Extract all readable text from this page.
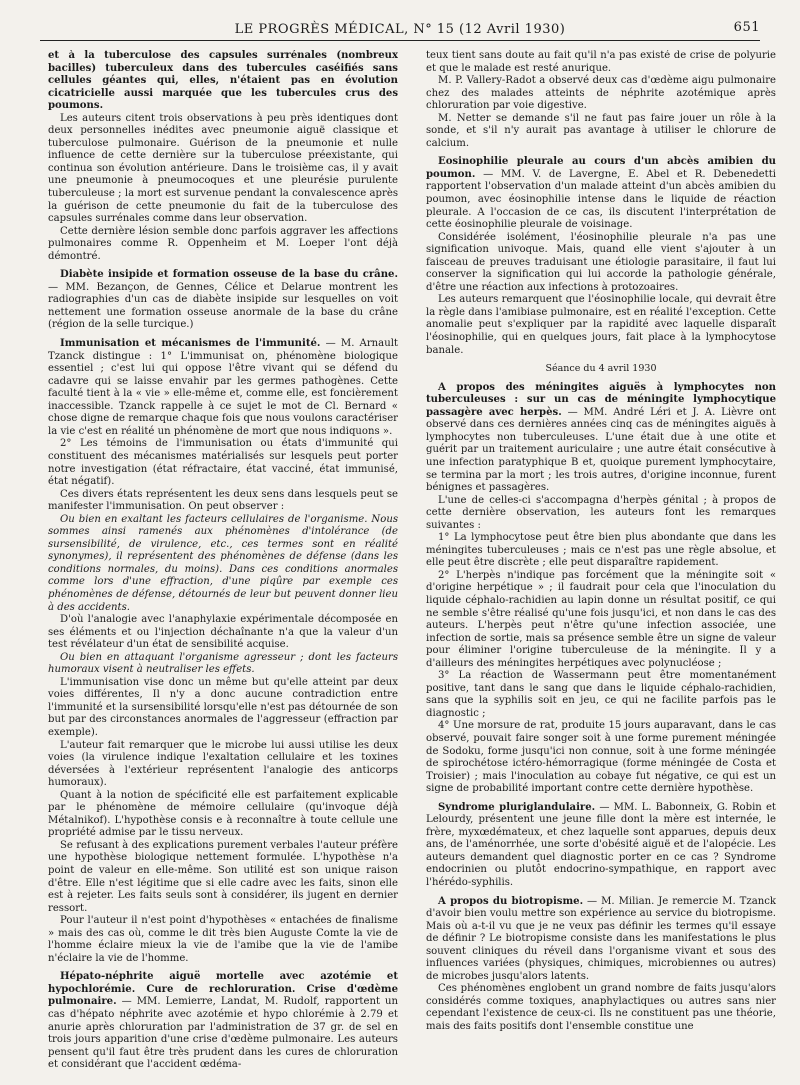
LE PROGRÈS MÉDICAL, N° 15 (12 Avril 1930)	651

et à la tuberculose des capsules surrénales (nombreux bacilles) tuberculeux dans des tubercules caséifiés sans cellules géantes qui, elles, n'étaient pas en évolution cicatricielle aussi marquée que les tubercules crus des poumons.

Les auteurs citent trois observations à peu près identiques dont deux personnelles inédites avec pneumonie aiguë classique et tuberculose pulmonaire. Guérison de la pneumonie et nulle influence de cette dernière sur la tuberculose préexistante, qui continua son évolution antérieure. Dans le troisième cas, il y avait une pneumonie à pneumocoques et une pleurésie purulente tuberculeuse ; la mort est survenue pendant la convalescence après la guérison de cette pneumonie du fait de la tuberculose des capsules surrénales comme dans leur observation.

Cette dernière lésion semble donc parfois aggraver les affections pulmonaires comme R. Oppenheim et M. Loeper l'ont déjà démontré.

Diabète insipide et formation osseuse de la base du crâne. — MM. Bezançon, de Gennes, Célice et Delarue montrent les radiographies d'un cas de diabète insipide sur lesquelles on voit nettement une formation osseuse anormale de la base du crâne (région de la selle turcique.)

Immunisation et mécanismes de l'immunité. — M. Arnault Tzanck distingue : 1° L'immunisat on, phénomène biologique essentiel ; c'est lui qui oppose l'être vivant qui se défend du cadavre qui se laisse envahir par les germes pathogènes. Cette faculté tient à la « vie » elle-même et, comme elle, est foncièrement inaccessible. Tzanck rappelle à ce sujet le mot de Cl. Bernard « chose digne de remarque chaque fois que nous voulons caractériser la vie c'est en réalité un phénomène de mort que nous indiquons ».

2° Les témoins de l'immunisation ou états d'immunité qui constituent des mécanismes matérialisés sur lesquels peut porter notre investigation (état réfractaire, état vacciné, état immunisé, état négatif).

Ces divers états représentent les deux sens dans lesquels peut se manifester l'immunisation. On peut observer :

Ou bien en exaltant les facteurs cellulaires de l'organisme. Nous sommes ainsi ramenés aux phénomènes d'intolérance (de sursensibilité, de virulence, etc., ces termes sont en réalité synonymes), il représentent des phénomènes de défense (dans les conditions normales, du moins). Dans ces conditions anormales comme lors d'une effraction, d'une piqûre par exemple ces phénomènes de défense, détournés de leur but peuvent donner lieu à des accidents.

D'où l'analogie avec l'anaphylaxie expérimentale décomposée en ses éléments et ou l'injection déchaînante n'a que la valeur d'un test révélateur d'un état de sensibilité acquise.

Ou bien en attaquant l'organisme agresseur ; dont les facteurs humoraux visent à neutraliser les effets.

L'immunisation vise donc un même but qu'elle atteint par deux voies différentes, Il n'y a donc aucune contradiction entre l'immunité et la sursensibilité lorsqu'elle n'est pas détournée de son but par des circonstances anormales de l'aggresseur (effraction par exemple).

L'auteur fait remarquer que le microbe lui aussi utilise les deux voies (la virulence indique l'exaltation cellulaire et les toxines déversées à l'extérieur représentent l'analogie des anticorps humoraux).

Quant à la notion de spécificité elle est parfaitement explicable par le phénomène de mémoire cellulaire (qu'invoque déjà Métalnikof). L'hypothèse consis e à reconnaître à toute cellule une propriété admise par le tissu nerveux.

Se refusant à des explications purement verbales l'auteur préfère une hypothèse biologique nettement formulée. L'hypothèse n'a point de valeur en elle-même. Son utilité est son unique raison d'être. Elle n'est légitime que si elle cadre avec les faits, sinon elle est à rejeter. Les faits seuls sont à considérer, ils jugent en dernier ressort.

Pour l'auteur il n'est point d'hypothèses « entachées de finalisme » mais des cas où, comme le dit très bien Auguste Comte la vie de l'homme éclaire mieux la vie de l'amibe que la vie de l'amibe n'éclaire la vie de l'homme.

Hépato-néphrite aiguë mortelle avec azotémie et hypochlorémie. Cure de rechloruration. Crise d'œdème pulmonaire. — MM. Lemierre, Landat, M. Rudolf, rapportent un cas d'hépato néphrite avec azotémie et hypo chlorémie à 2.79 et anurie après chloruration par l'administration de 37 gr. de sel en trois jours apparition d'une crise d'œdème pulmonaire. Les auteurs pensent qu'il faut être très prudent dans les cures de chloruration et considérant que l'accident œdéma-

teux tient sans doute au fait qu'il n'a pas existé de crise de polyurie et que le malade est resté anurique.

M. P. Vallery-Radot a observé deux cas d'œdème aigu pulmonaire chez des malades atteints de néphrite azotémique après chloruration par voie digestive.

M. Netter se demande s'il ne faut pas faire jouer un rôle à la sonde, et s'il n'y aurait pas avantage à utiliser le chlorure de calcium.

Eosinophilie pleurale au cours d'un abcès amibien du poumon. — MM. V. de Lavergne, E. Abel et R. Debenedetti rapportent l'observation d'un malade atteint d'un abcès amibien du poumon, avec éosinophilie intense dans le liquide de réaction pleurale. A l'occasion de ce cas, ils discutent l'interprétation de cette éosinophilie pleurale de voisinage.

Considérée isolément, l'éosinophilie pleurale n'a pas une signification univoque. Mais, quand elle vient s'ajouter à un faisceau de preuves traduisant une étiologie parasitaire, il faut lui conserver la signification qui lui accorde la pathologie générale, d'être une réaction aux infections à protozoaires.

Les auteurs remarquent que l'éosinophilie locale, qui devrait être la règle dans l'amibiase pulmonaire, est en réalité l'exception. Cette anomalie peut s'expliquer par la rapidité avec laquelle disparaît l'éosinophilie, qui en quelques jours, fait place à la lymphocytose banale.

Séance du 4 avril 1930

A propos des méningites aiguës à lymphocytes non tuberculeuses : sur un cas de méningite lymphocytique passagère avec herpès. — MM. André Léri et J. A. Lièvre ont observé dans ces dernières années cinq cas de méningites aiguës à lymphocytes non tuberculeuses. L'une était due à une otite et guérit par un traitement auriculaire ; une autre était consécutive à une infection paratyphique B et, quoique purement lymphocytaire, se termina par la mort ; les trois autres, d'origine inconnue, furent bénignes et passagères.

L'une de celles-ci s'accompagna d'herpès génital ; à propos de cette dernière observation, les auteurs font les remarques suivantes :

1° La lymphocytose peut être bien plus abondante que dans les méningites tuberculeuses ; mais ce n'est pas une règle absolue, et elle peut être discrète ; elle peut disparaître rapidement.

2° L'herpès n'indique pas forcément que la méningite soit « d'origine herpétique » ; il faudrait pour cela que l'inoculation du liquide céphalo-rachidien au lapin donne un résultat positif, ce qui ne semble s'être réalisé qu'une fois jusqu'ici, et non dans le cas des auteurs. L'herpès peut n'être qu'une infection associée, une infection de sortie, mais sa présence semble être un signe de valeur pour éliminer l'origine tuberculeuse de la méningite. Il y a d'ailleurs des méningites herpétiques avec polynucléose ;

3° La réaction de Wassermann peut être momentanément positive, tant dans le sang que dans le liquide céphalo-rachidien, sans que la syphilis soit en jeu, ce qui ne facilite parfois pas le diagnostic ;

4° Une morsure de rat, produite 15 jours auparavant, dans le cas observé, pouvait faire songer soit à une forme purement méningée de Sodoku, forme jusqu'ici non connue, soit à une forme méningée de spirochétose ictéro-hémorragique (forme méningée de Costa et Troisier) ; mais l'inoculation au cobaye fut négative, ce qui est un signe de probabilité important contre cette dernière hypothèse.

Syndrome pluriglandulaire. — MM. L. Babonneix, G. Robin et Lelourdy, présentent une jeune fille dont la mère est internée, le frère, myxœdémateux, et chez laquelle sont apparues, depuis deux ans, de l'aménorrhée, une sorte d'obésité aiguë et de l'alopécie. Les auteurs demandent quel diagnostic porter en ce cas ? Syndrome endocrinien ou plutôt endocrino-sympathique, en rapport avec l'hérédo-syphilis.

A propos du biotropisme. — M. Milian. Je remercie M. Tzanck d'avoir bien voulu mettre son expérience au service du biotropisme. Mais où a-t-il vu que je ne veux pas définir les termes qu'il essaye de définir ? Le biotropisme consiste dans les manifestations le plus souvent cliniques du réveil dans l'organisme vivant et sous des influences variées (physiques, chimiques, microbiennes ou autres) de microbes jusqu'alors latents.

Ces phénomènes englobent un grand nombre de faits jusqu'alors considérés comme toxiques, anaphylactiques ou autres sans nier cependant l'existence de ceux-ci. Ils ne constituent pas une théorie, mais des faits positifs dont l'ensemble constitue une
